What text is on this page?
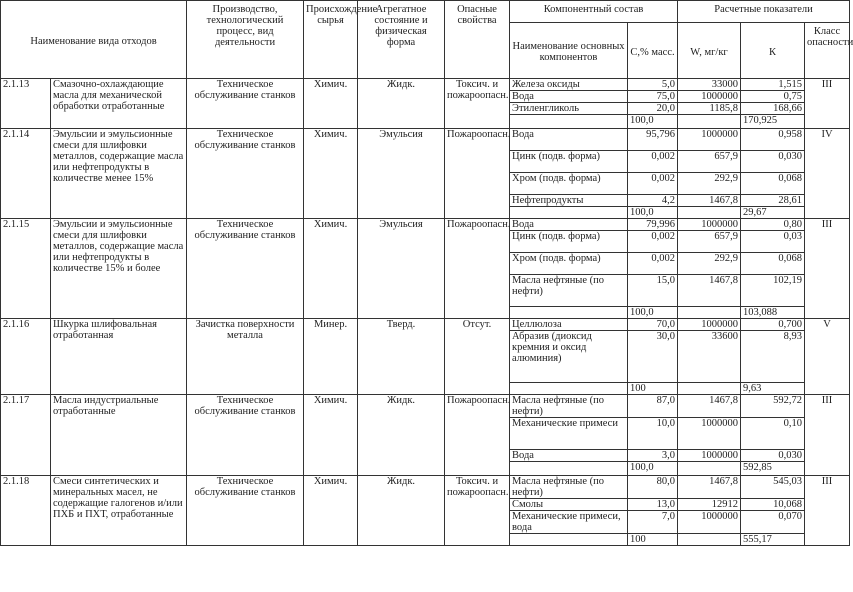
Наименование вида отходов		Производство, технологический процесс, вид деятельности	Происхождение сырья	Агрегатное состояние и физическая форма	Опасные свойства	Компонентный состав		Расчетные показатели		
						Наименование основных компонентов	С,% масс.	W, мг/кг	К	Класс опасности
2.1.13	Смазочно-охлаждающие масла для механической обработки отработанные	Техническое обслуживание станков	Химич.	Жидк.	Токсич. и пожароопасн.	Железа оксиды	5,0	33000	1,515	III
						Вода	75,0	1000000	0,75	
						Этиленгликоль	20,0	1185,8	168,66	
							100,0		170,925	
2.1.14	Эмульсии и эмульсионные смеси для шлифовки металлов, содержащие масла или нефтепродукты в количестве менее 15%	Техническое обслуживание станков	Химич.	Эмульсия	Пожароопасн.	Вода	95,796	1000000	0,958	IV
						Цинк (подв. форма)	0,002	657,9	0,030	
						Хром (подв. форма)	0,002	292,9	0,068	
						Нефтепродукты	4,2	1467,8	28,61	
							100,0		29,67	
2.1.15	Эмульсии и эмульсионные смеси для шлифовки металлов, содержащие масла или нефтепродукты в количестве 15% и более	Техническое обслуживание станков	Химич.	Эмульсия	Пожароопасн.	Вода	79,996	1000000	0,80	III
						Цинк (подв. форма)	0,002	657,9	0,03	
						Хром (подв. форма)	0,002	292,9	0,068	
						Масла нефтяные (по нефти)	15,0	1467,8	102,19	
							100,0		103,088	
2.1.16	Шкурка шлифовальная отработанная	Зачистка поверхности металла	Минер.	Тверд.	Отсут.	Целлюлоза	70,0	1000000	0,700	V
						Абразив (диоксид кремния и оксид алюминия)	30,0	33600	8,93	
							100		9,63	
2.1.17	Масла индустриальные отработанные	Техническое обслуживание станков	Химич.	Жидк.	Пожароопасн.	Масла нефтяные (по нефти)	87,0	1467,8	592,72	III
						Механические примеси	10,0	1000000	0,10	
						Вода	3,0	1000000	0,030	
							100,0		592,85	
2.1.18	Смеси синтетических и минеральных масел, не содержащие галогенов и/или ПХБ и ПХТ, отработанные	Техническое обслуживание станков	Химич.	Жидк.	Токсич. и пожароопасн.	Масла нефтяные (по нефти)	80,0	1467,8	545,03	III
						Смолы	13,0	12912	10,068	
						Механические примеси, вода	7,0	1000000	0,070	
							100		555,17	
